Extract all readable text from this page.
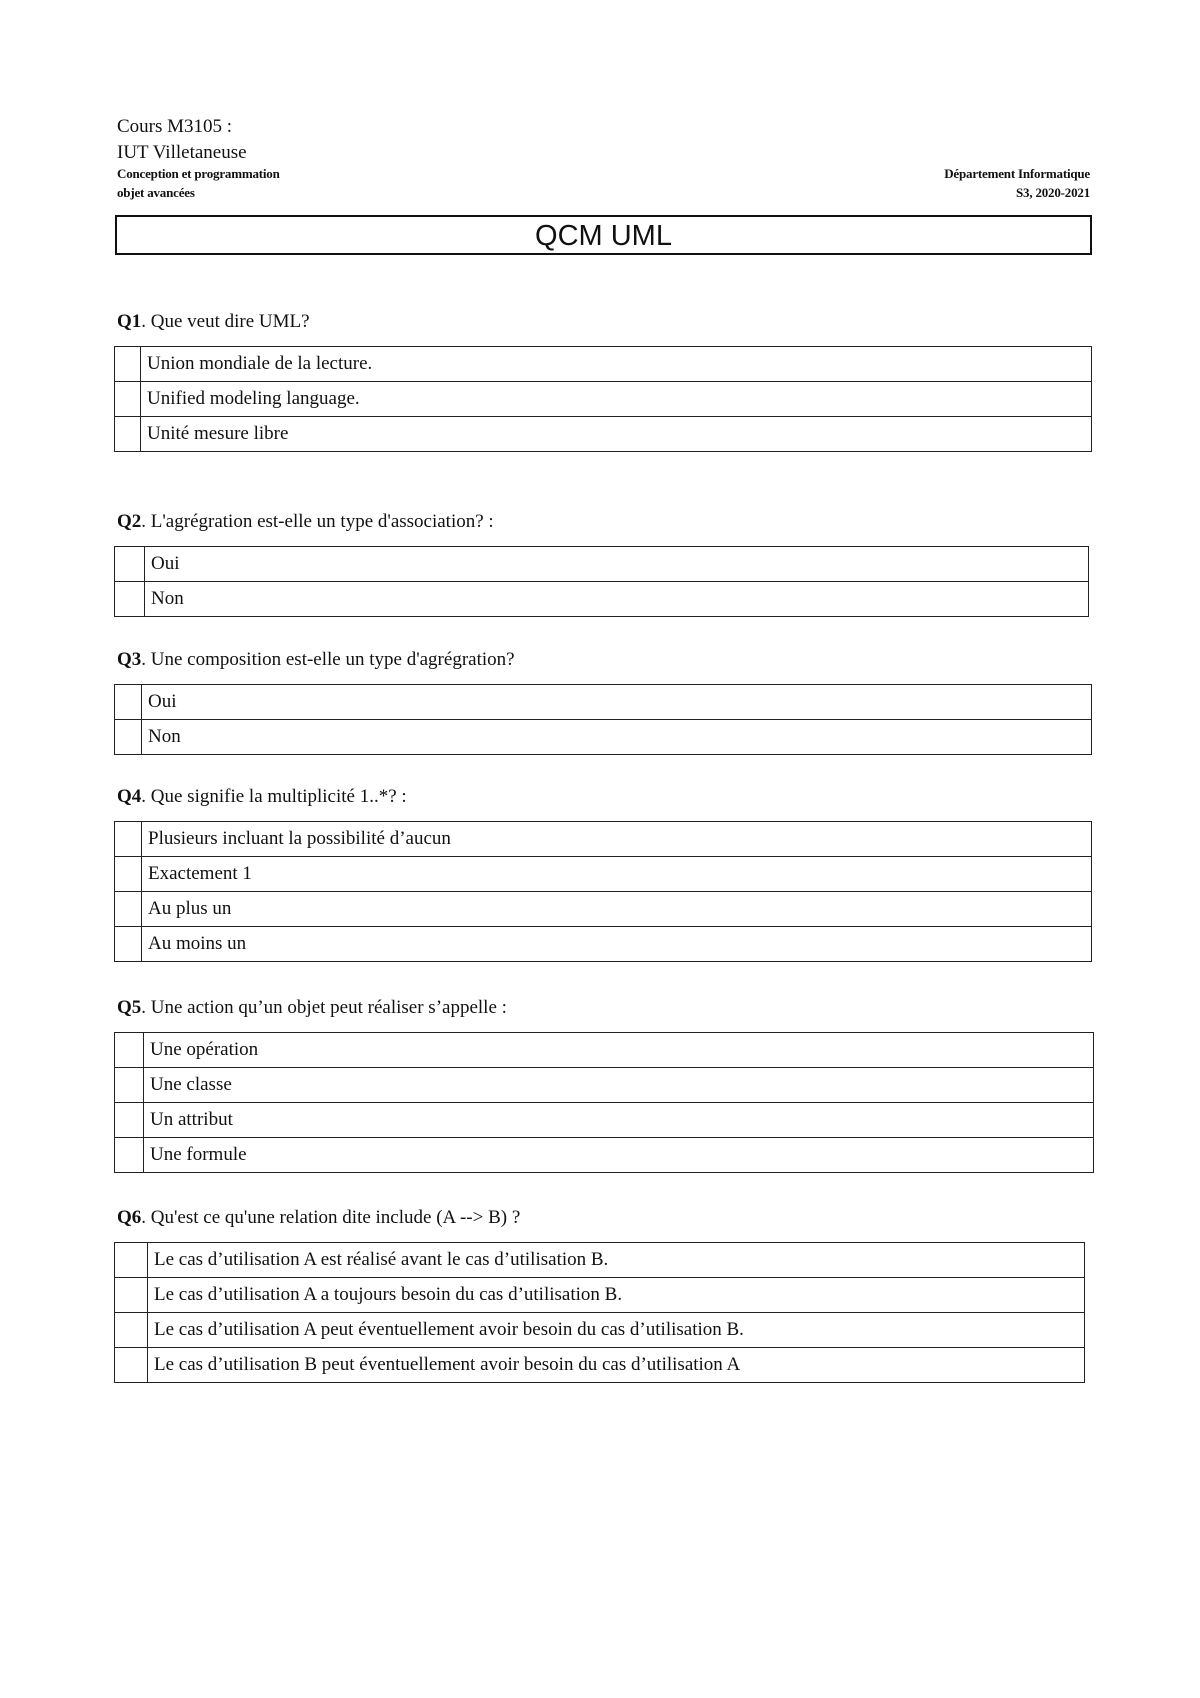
Cours M3105 :
IUT Villetaneuse
Conception et programmation
objet avancées
Département Informatique
S3, 2020-2021
QCM UML
Q1. Que veut dire UML?
	Union mondiale de la lecture.
	Unified modeling language.
	Unité mesure libre
Q2. L'agrégration est-elle un type d'association? :
	Oui
	Non
Q3. Une composition est-elle un type d'agrégration?
	Oui
	Non
Q4. Que signifie la multiplicité 1..*? :
	Plusieurs incluant la possibilité d’aucun
	Exactement 1
	Au plus un
	Au moins un
Q5. Une action qu’un objet peut réaliser s’appelle :
	Une opération
	Une classe
	Un attribut
	Une formule
Q6. Qu'est ce qu'une relation dite include (A --> B) ?
	Le cas d’utilisation A est réalisé avant le cas d’utilisation B.
	Le cas d’utilisation A a toujours besoin du cas d’utilisation B.
	Le cas d’utilisation A peut éventuellement avoir besoin du cas d’utilisation B.
	Le cas d’utilisation B peut éventuellement avoir besoin du cas d’utilisation A
